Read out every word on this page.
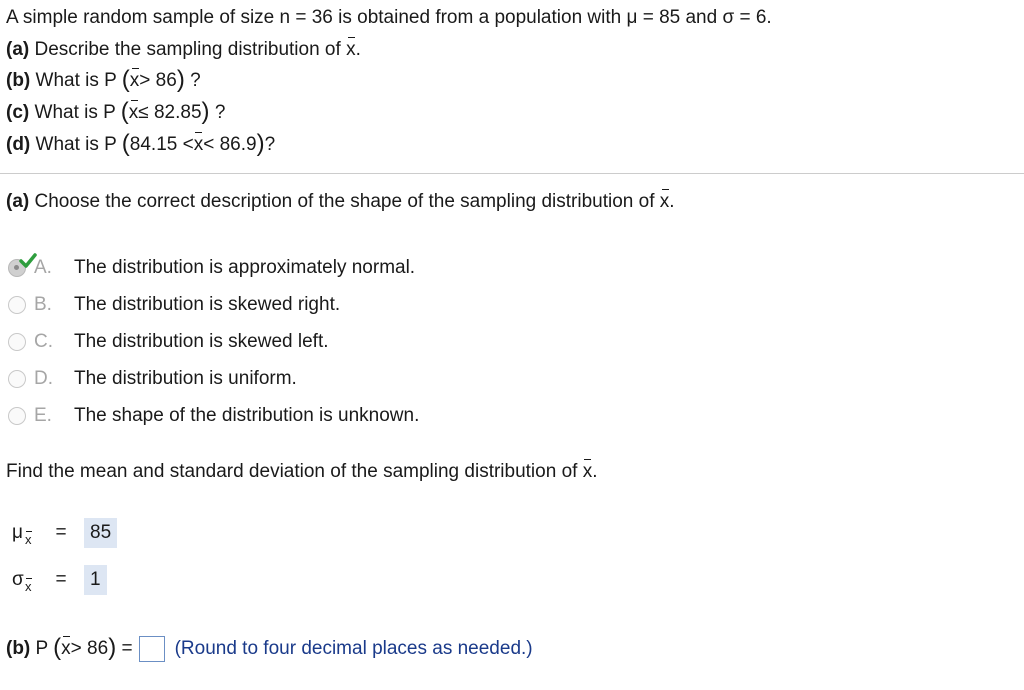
A simple random sample of size n = 36 is obtained from a population with μ = 85 and σ = 6.
(a) Describe the sampling distribution of x.
(b) What is P (x> 86) ?
(c) What is P (x≤ 82.85) ?
(d) What is P (84.15 <x< 86.9)?
(a) Choose the correct description of the shape of the sampling distribution of x.
A.	The distribution is approximately normal.
B.	The distribution is skewed right.
C.	The distribution is skewed left.
D.	The distribution is uniform.
E.	The shape of the distribution is unknown.
Find the mean and standard deviation of the sampling distribution of x.
μ x	=	85
σ x	=	1
(b) P (x> 86) = (Round to four decimal places as needed.)
